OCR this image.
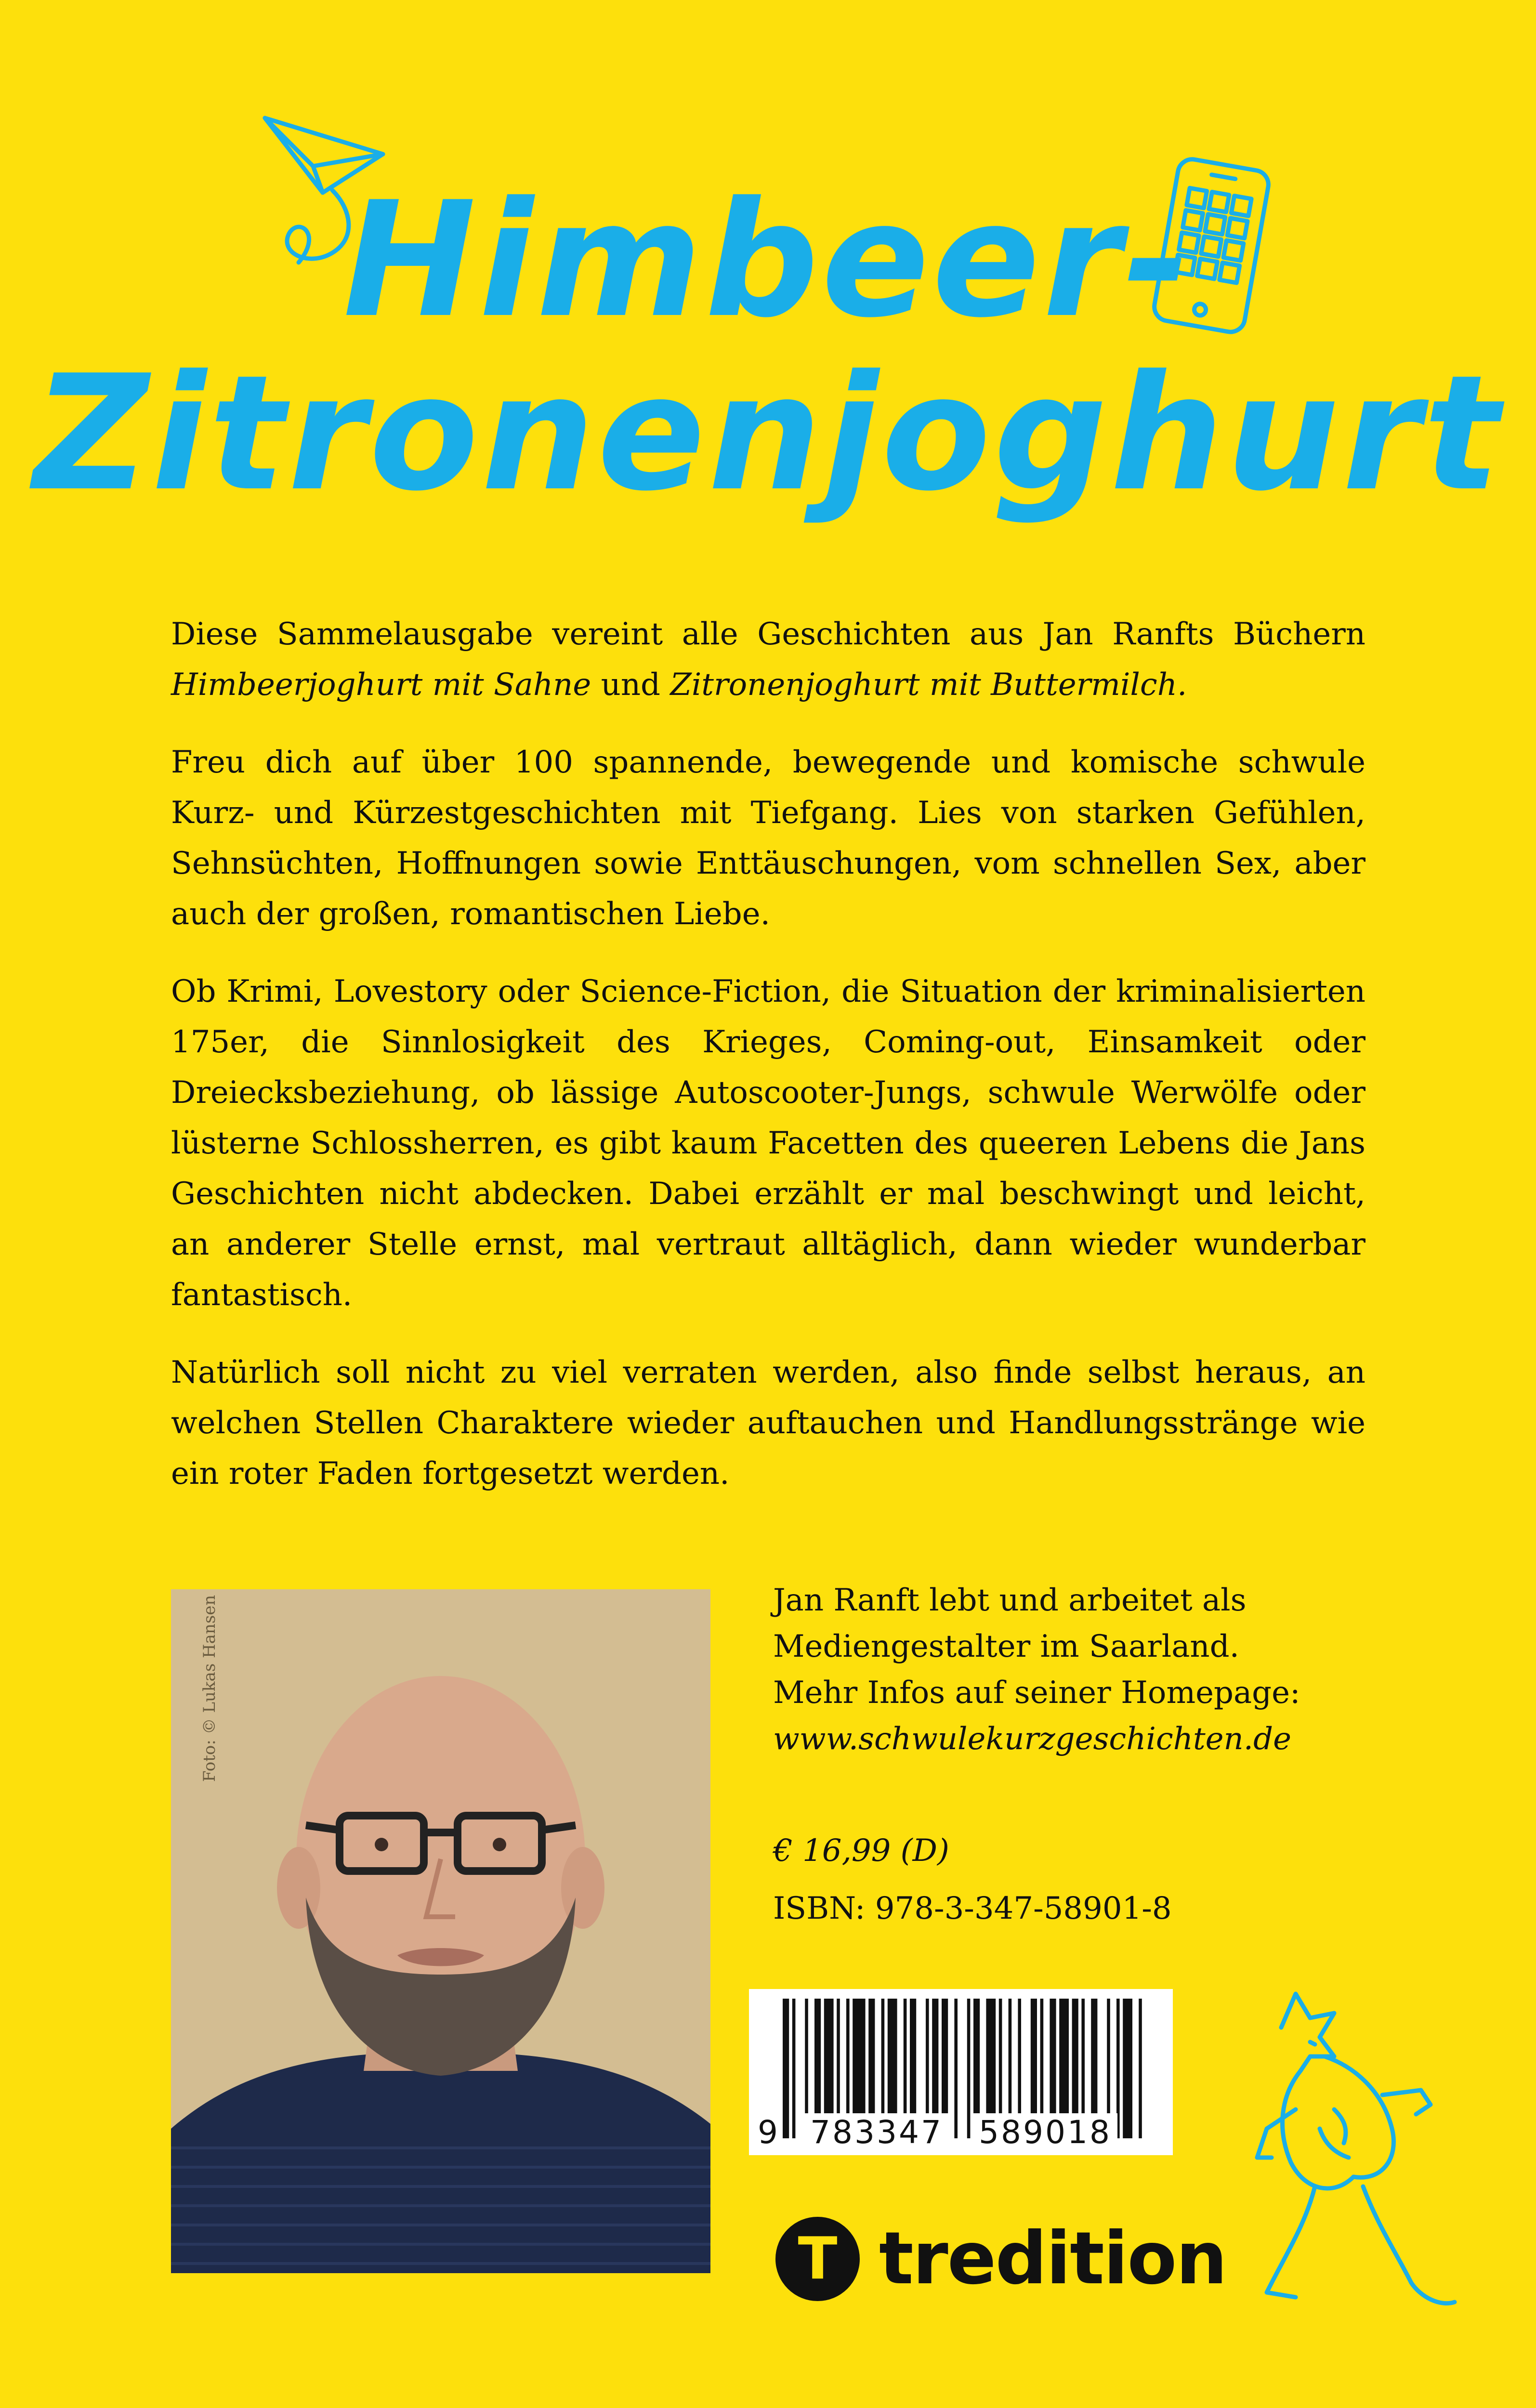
Himbeer-
Zitronenjoghurt

Diese Sammelausgabe vereint alle Geschichten aus Jan Ranfts Büchern Himbeerjoghurt mit Sahne und Zitronenjoghurt mit Buttermilch.

Freu dich auf über 100 spannende, bewegende und komische schwule Kurz- und Kürzestgeschichten mit Tiefgang. Lies von starken Gefühlen, Sehnsüchten, Hoffnungen sowie Enttäuschungen, vom schnellen Sex, aber auch der großen, romantischen Liebe.

Ob Krimi, Lovestory oder Science-Fiction, die Situation der kriminalisierten 175er, die Sinnlosigkeit des Krieges, Coming-out, Einsamkeit oder Dreiecksbeziehung, ob lässige Autoscooter-Jungs, schwule Werwölfe oder lüsterne Schlossherren, es gibt kaum Facetten des queeren Lebens die Jans Geschichten nicht abdecken. Dabei erzählt er mal beschwingt und leicht, an anderer Stelle ernst, mal vertraut alltäglich, dann wieder wunderbar fantastisch.

Natürlich soll nicht zu viel verraten werden, also finde selbst heraus, an welchen Stellen Charaktere wieder auftauchen und Handlungsstränge wie ein roter Faden fortgesetzt werden.

Foto: © Lukas Hansen	Jan Ranft lebt und arbeitet als
Mediengestalter im Saarland.
Mehr Infos auf seiner Homepage:
www.schwulekurzgeschichten.de
€ 16,99 (D)
ISBN: 978-3-347-58901-8
9 783347 589018
T tredition
